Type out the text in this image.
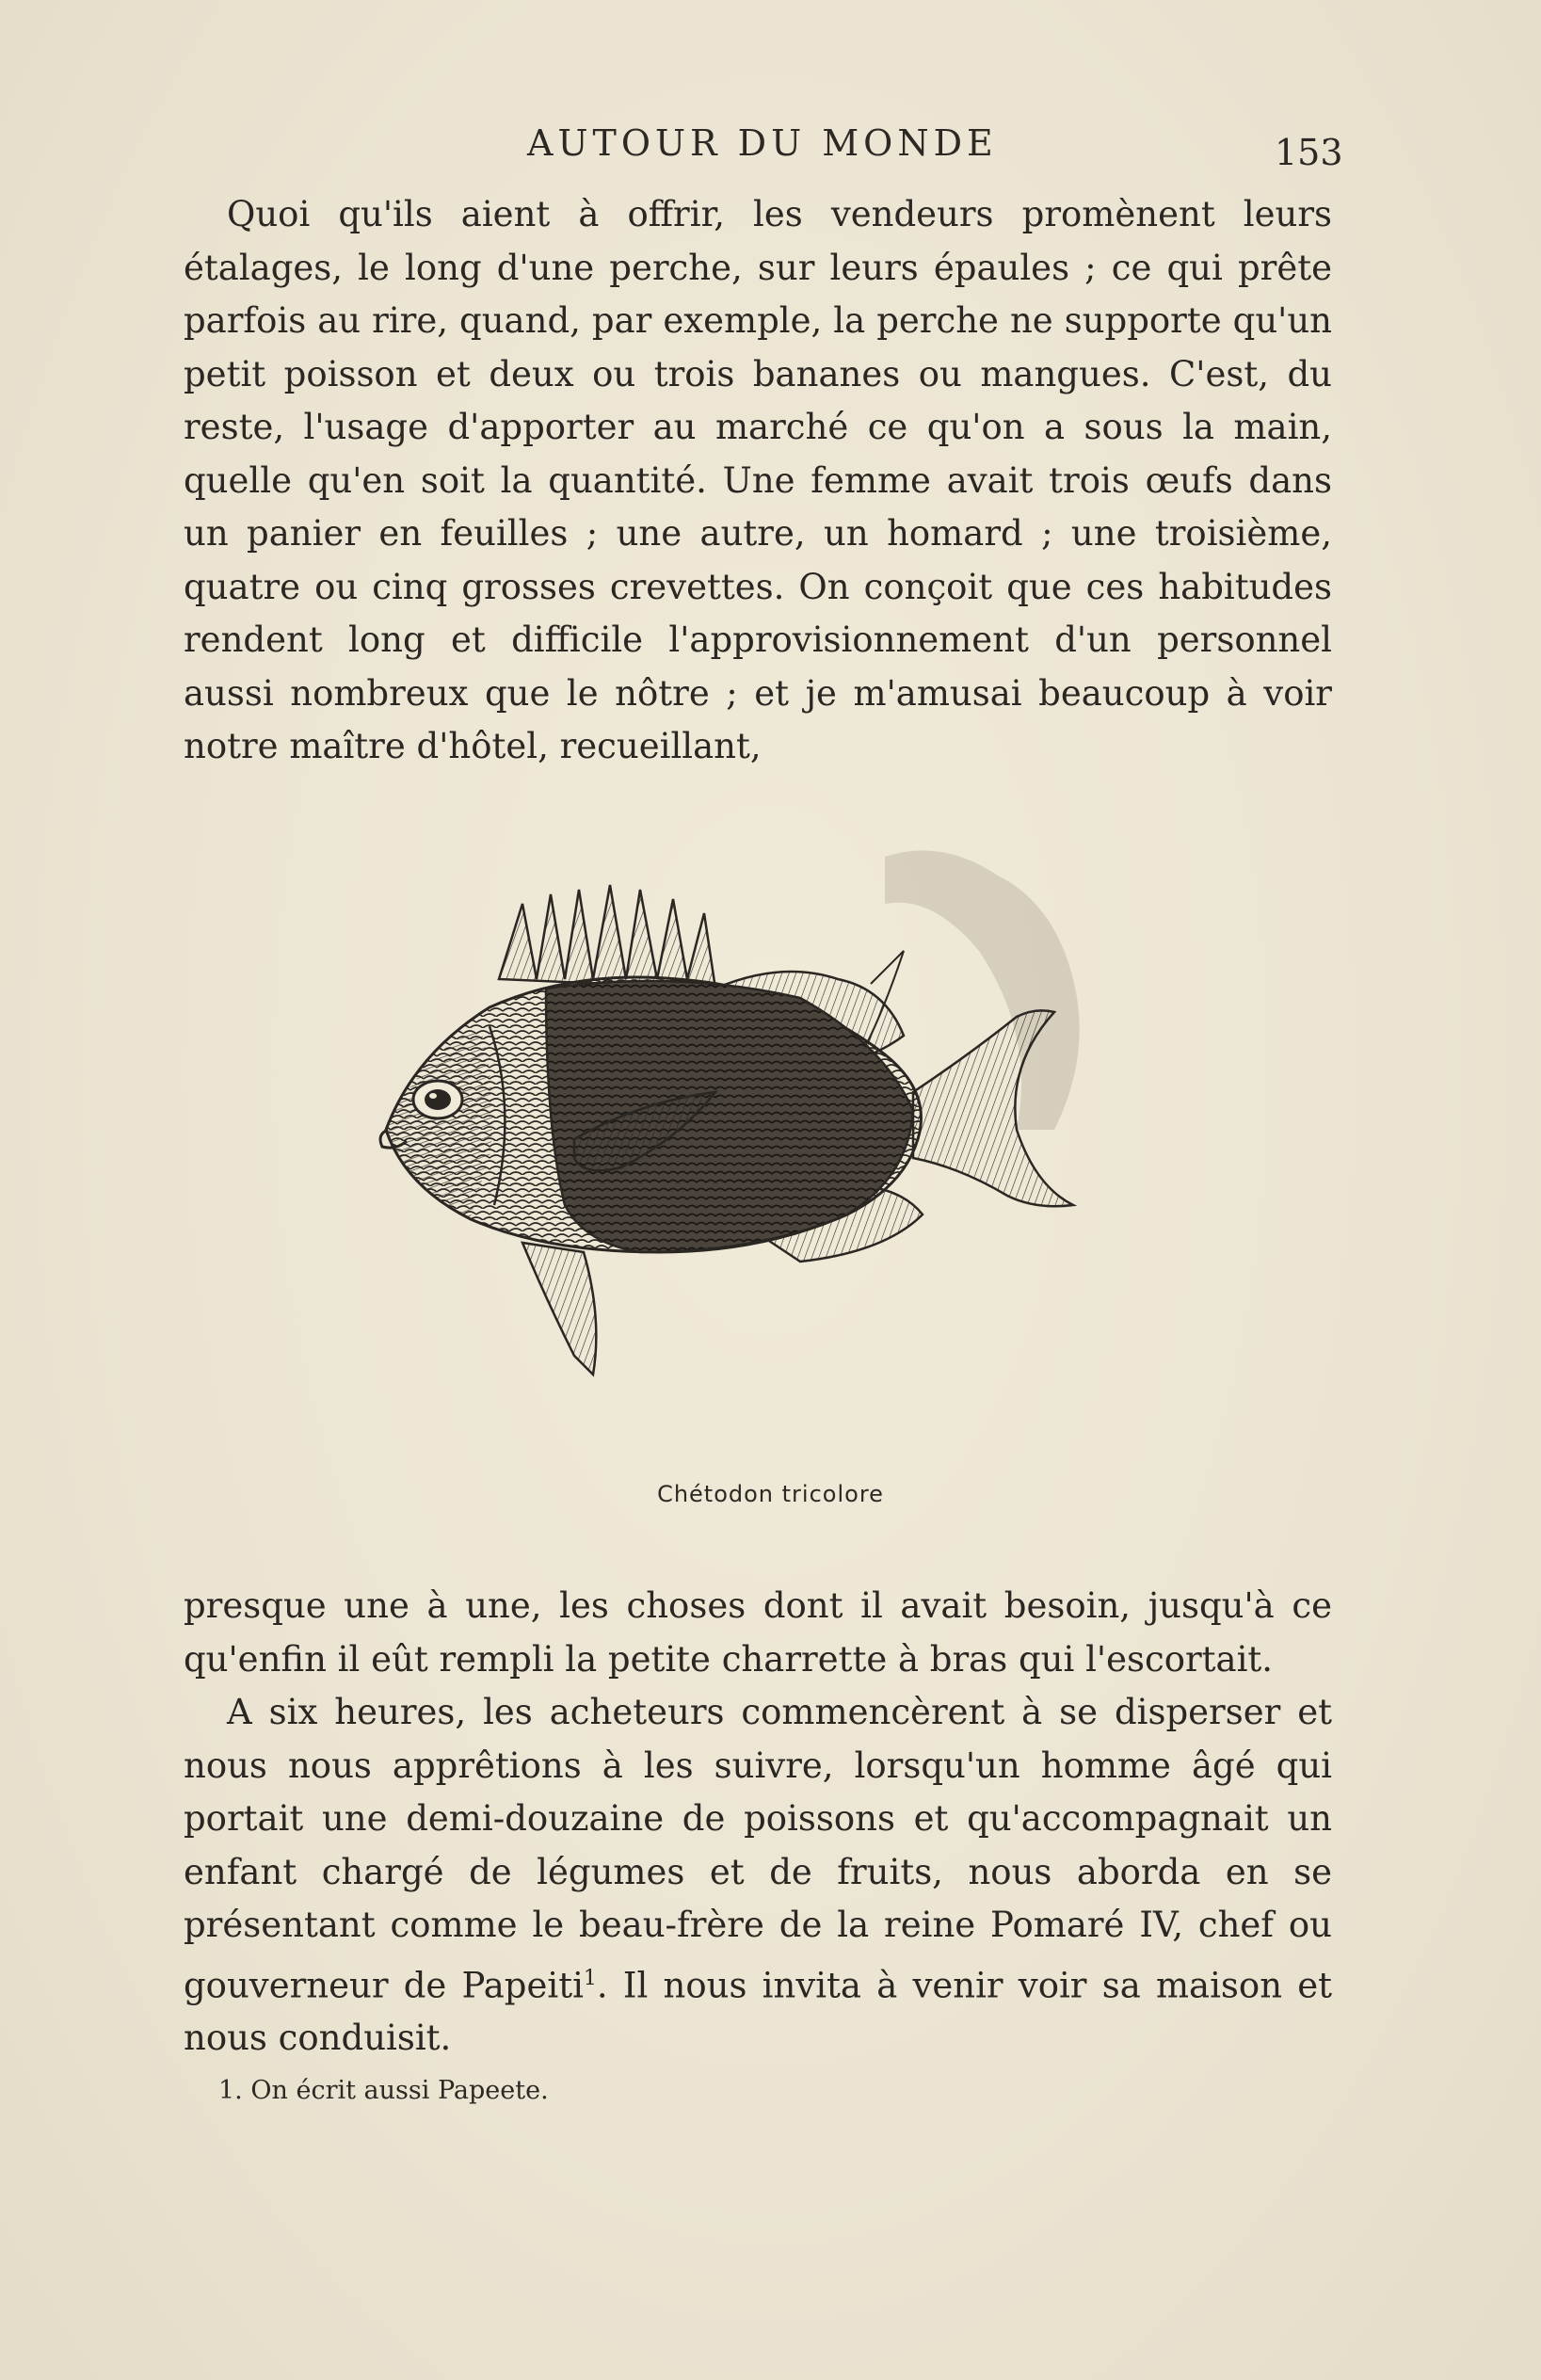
AUTOUR DU MONDE	153

Quoi qu'ils aient à offrir, les vendeurs promènent leurs étalages, le long d'une perche, sur leurs épaules ; ce qui prête parfois au rire, quand, par exemple, la perche ne supporte qu'un petit poisson et deux ou trois bananes ou mangues. C'est, du reste, l'usage d'apporter au marché ce qu'on a sous la main, quelle qu'en soit la quantité. Une femme avait trois œufs dans un panier en feuilles ; une autre, un homard ; une troisième, quatre ou cinq grosses crevettes. On conçoit que ces habitudes rendent long et difficile l'approvisionnement d'un personnel aussi nombreux que le nôtre ; et je m'amusai beaucoup à voir notre maître d'hôtel, recueillant,

Chétodon tricolore

presque une à une, les choses dont il avait besoin, jusqu'à ce qu'enfin il eût rempli la petite charrette à bras qui l'escortait.

A six heures, les acheteurs commencèrent à se disperser et nous nous apprêtions à les suivre, lorsqu'un homme âgé qui portait une demi-douzaine de poissons et qu'accompagnait un enfant chargé de légumes et de fruits, nous aborda en se présentant comme le beau-frère de la reine Pomaré IV, chef ou gouverneur de Papeiti$^1$. Il nous invita à venir voir sa maison et nous conduisit.

1. On écrit aussi Papeete.
